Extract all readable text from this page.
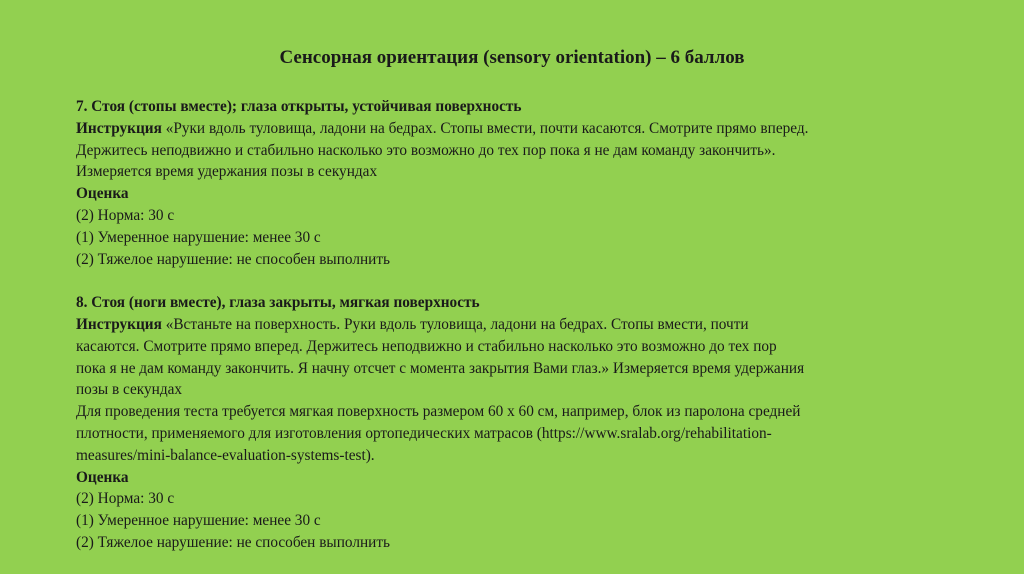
Сенсорная ориентация (sensory orientation) – 6 баллов
7. Стоя (стопы вместе); глаза открыты, устойчивая поверхность
Инструкция «Руки вдоль туловища, ладони на бедрах. Стопы вмести, почти касаются. Смотрите прямо вперед.
Держитесь неподвижно и стабильно насколько это возможно до тех пор пока я не дам команду закончить».
Измеряется время удержания позы в секундах
Оценка
(2) Норма: 30 с
(1) Умеренное нарушение: менее 30 с
(2) Тяжелое нарушение: не способен выполнить
8. Стоя (ноги вместе), глаза закрыты, мягкая поверхность
Инструкция «Встаньте на поверхность. Руки вдоль туловища, ладони на бедрах. Стопы вмести, почти
касаются. Смотрите прямо вперед. Держитесь неподвижно и стабильно насколько это возможно до тех пор
пока я не дам команду закончить. Я начну отсчет с момента закрытия Вами глаз.» Измеряется время удержания
позы в секундах
Для проведения теста требуется мягкая поверхность размером 60 х 60 см, например, блок из паролона средней
плотности, применяемого для изготовления ортопедических матрасов (https://www.sralab.org/rehabilitation-
measures/mini-balance-evaluation-systems-test).
Оценка
(2) Норма: 30 с
(1) Умеренное нарушение: менее 30 с
(2) Тяжелое нарушение: не способен выполнить
